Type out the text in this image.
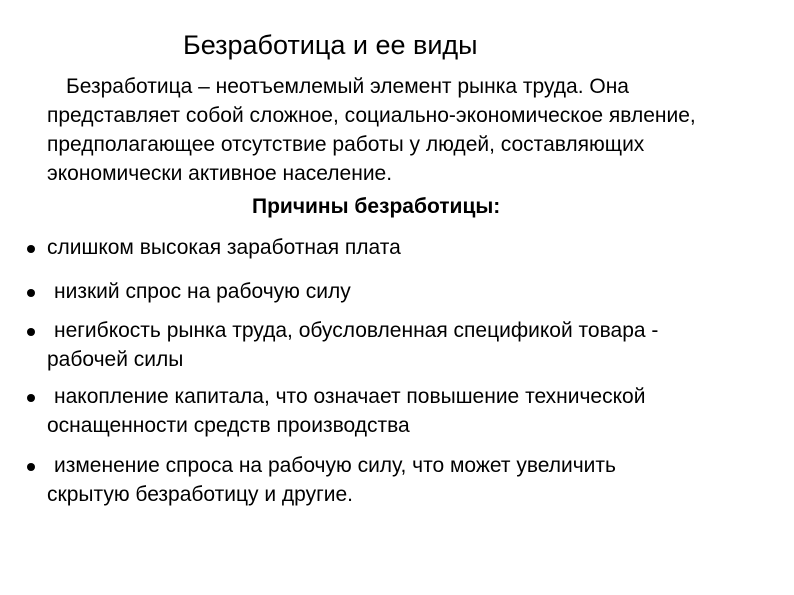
Безработица и ее виды
Безработица – неотъемлемый элемент рынка труда. Она представляет собой сложное, социально-экономическое явление, предполагающее отсутствие работы у людей, составляющих экономически активное население.
Причины безработицы:
слишком высокая заработная плата
низкий спрос на рабочую силу
негибкость рынка труда, обусловленная спецификой товара -
рабочей силы
накопление капитала, что означает повышение технической
оснащенности средств производства
изменение спроса на рабочую силу, что может увеличить
скрытую безработицу и другие.
